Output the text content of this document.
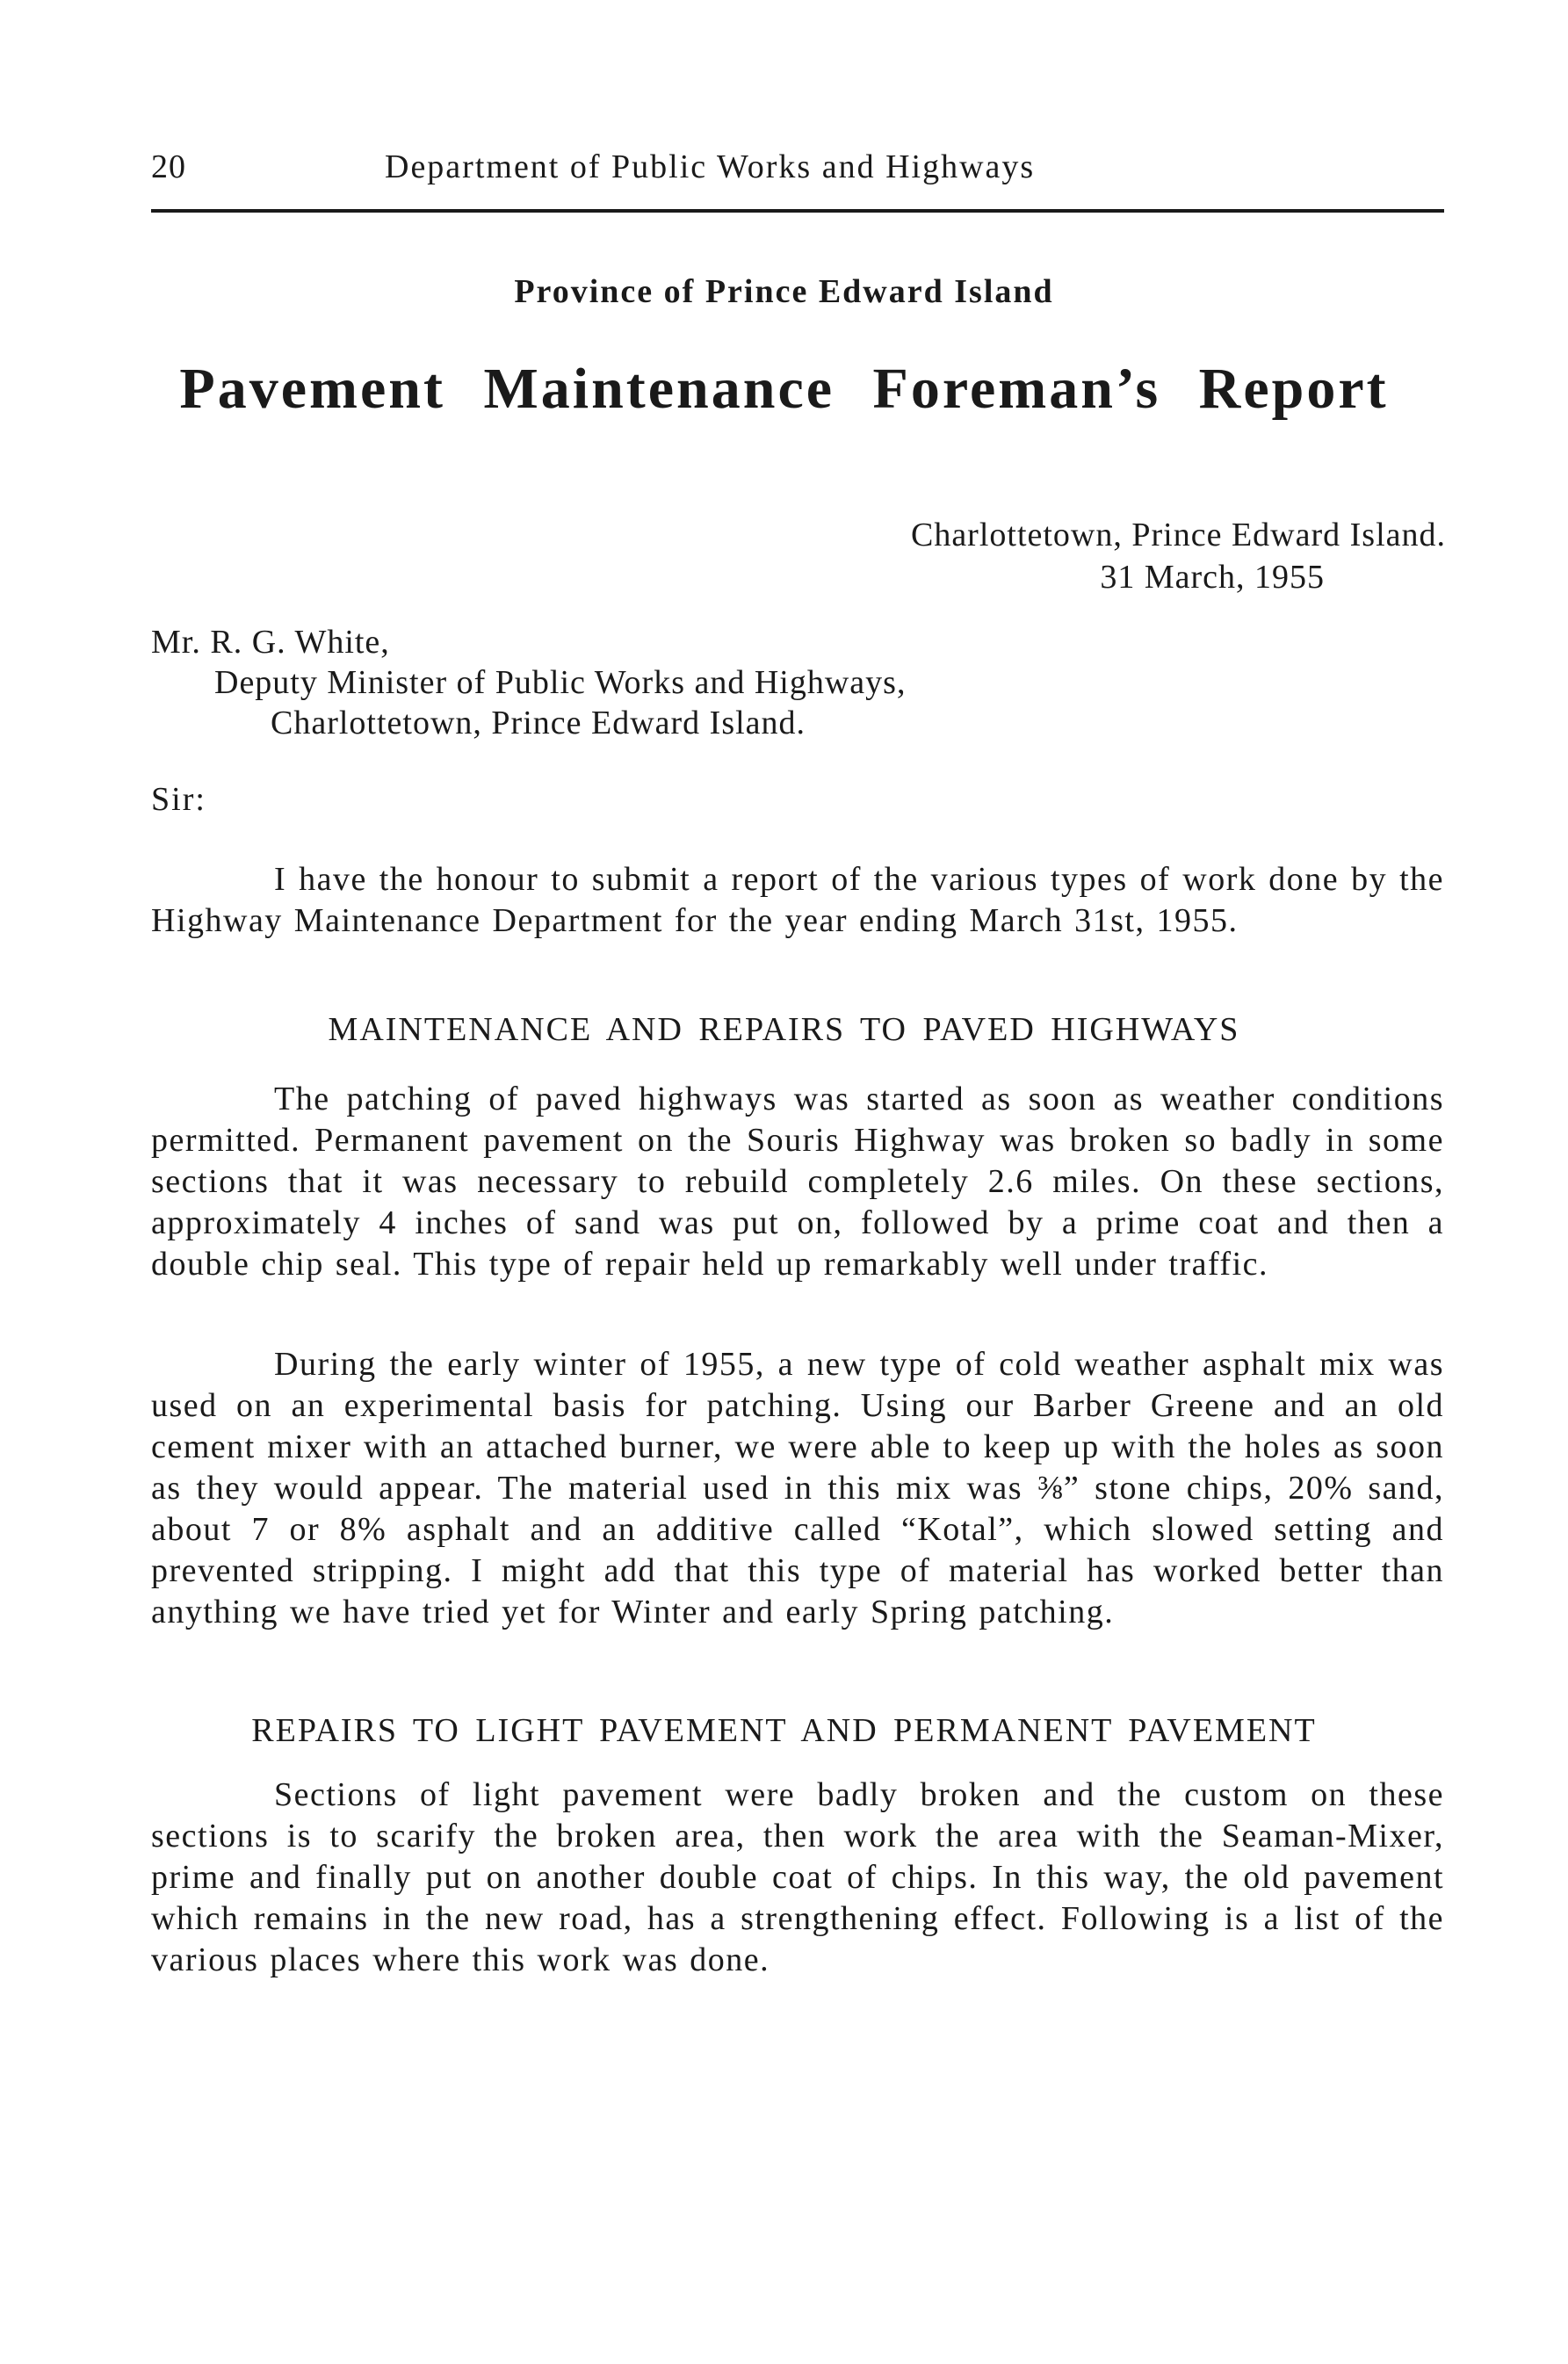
20	Department of Public Works and Highways
Province of Prince Edward Island
Pavement Maintenance Foreman’s Report
Charlottetown, Prince Edward Island.
31 March, 1955
Mr. R. G. White,
Deputy Minister of Public Works and Highways,
Charlottetown, Prince Edward Island.
Sir:
I have the honour to submit a report of the various types of work done by the Highway Maintenance Department for the year ending March 31st, 1955.
MAINTENANCE AND REPAIRS TO PAVED HIGHWAYS
The patching of paved highways was started as soon as weather conditions permitted. Permanent pavement on the Souris Highway was broken so badly in some sections that it was necessary to rebuild completely 2.6 miles. On these sections, approximately 4 inches of sand was put on, followed by a prime coat and then a double chip seal. This type of repair held up remarkably well under traffic.
During the early winter of 1955, a new type of cold weather asphalt mix was used on an experimental basis for patching. Using our Barber Greene and an old cement mixer with an attached burner, we were able to keep up with the holes as soon as they would appear. The material used in this mix was ⅜” stone chips, 20% sand, about 7 or 8% asphalt and an additive called “Kotal”, which slowed setting and prevented stripping. I might add that this type of material has worked better than anything we have tried yet for Winter and early Spring patching.
REPAIRS TO LIGHT PAVEMENT AND PERMANENT PAVEMENT
Sections of light pavement were badly broken and the custom on these sections is to scarify the broken area, then work the area with the Seaman-Mixer, prime and finally put on another double coat of chips. In this way, the old pavement which remains in the new road, has a strengthening effect. Following is a list of the various places where this work was done.
